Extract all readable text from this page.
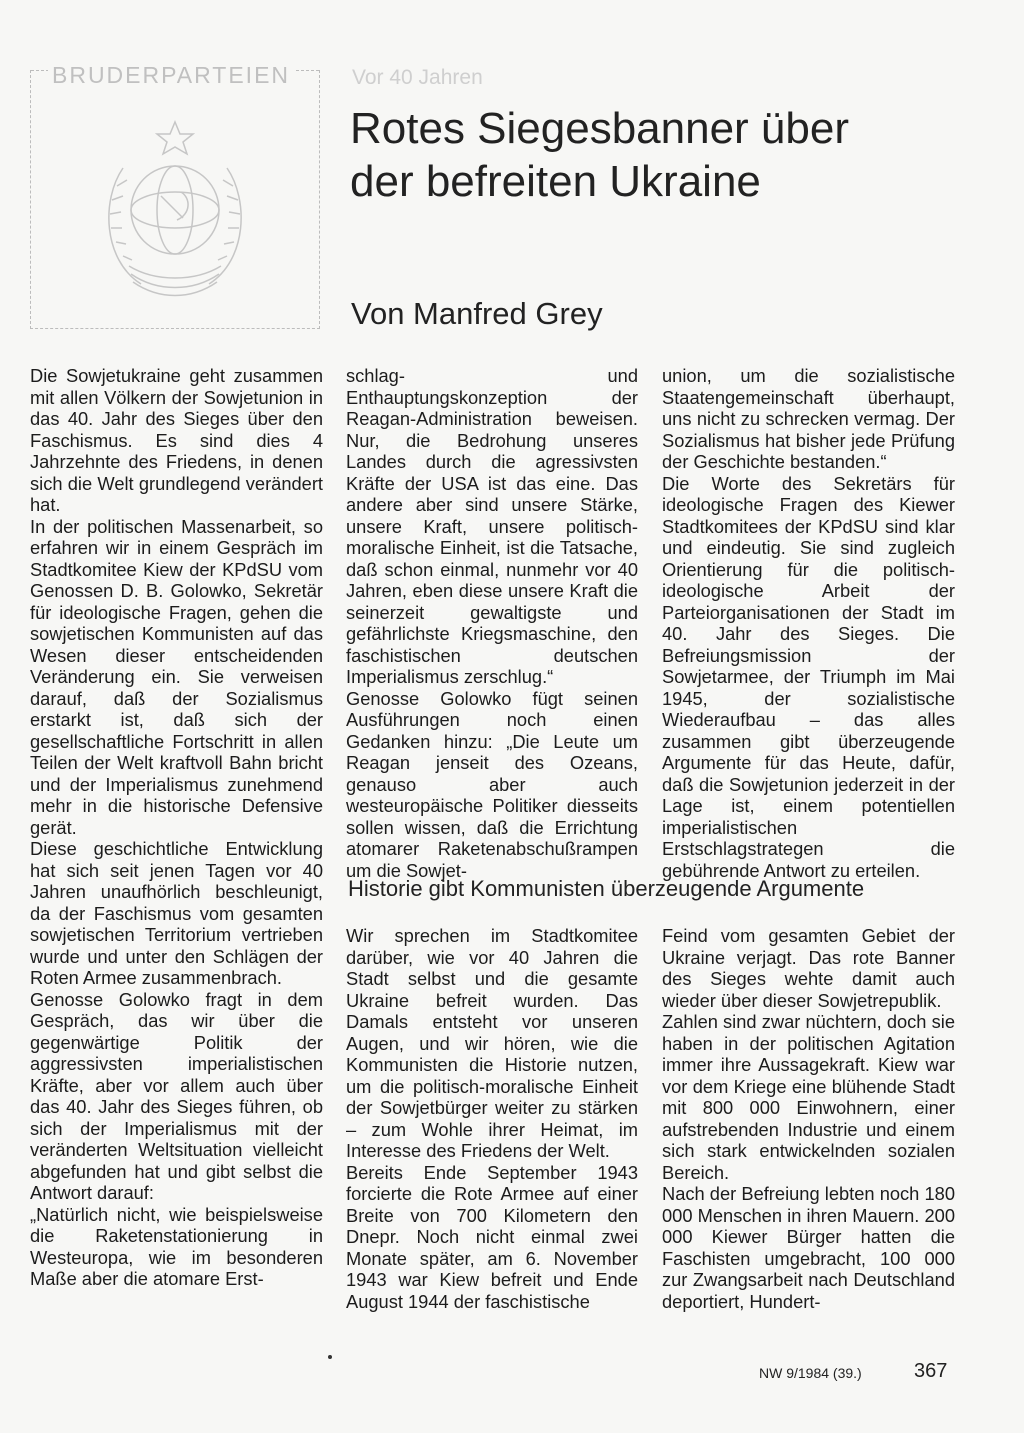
BRUDERPARTEIEN	Vor 40 Jahren
Rotes Siegesbanner über
der befreiten Ukraine
Von Manfred Grey

Die Sowjetukraine geht zusammen mit allen Völkern der Sowjetunion in das 40. Jahr des Sieges über den Faschismus. Es sind dies 4 Jahrzehnte des Friedens, in denen sich die Welt grundlegend verändert hat.

In der politischen Massenarbeit, so erfahren wir in einem Gespräch im Stadtkomitee Kiew der KPdSU vom Genossen D. B. Golowko, Sekretär für ideologische Fragen, gehen die sowjetischen Kommunisten auf das Wesen dieser entscheidenden Veränderung ein. Sie verweisen darauf, daß der Sozialismus erstarkt ist, daß sich der gesellschaftliche Fortschritt in allen Teilen der Welt kraftvoll Bahn bricht und der Imperialismus zunehmend mehr in die historische Defensive gerät.

Diese geschichtliche Entwicklung hat sich seit jenen Tagen vor 40 Jahren unaufhörlich beschleunigt, da der Faschismus vom gesamten sowjetischen Territorium vertrieben wurde und unter den Schlägen der Roten Armee zusammenbrach.

Genosse Golowko fragt in dem Gespräch, das wir über die gegenwärtige Politik der aggressivsten imperialistischen Kräfte, aber vor allem auch über das 40. Jahr des Sieges führen, ob sich der Imperialismus mit der veränderten Weltsituation vielleicht abgefunden hat und gibt selbst die Antwort darauf:

„Natürlich nicht, wie beispielsweise die Raketenstationierung in Westeuropa, wie im besonderen Maße aber die atomare Erst-

schlag- und Enthauptungskonzeption der Reagan-Administration beweisen. Nur, die Bedrohung unseres Landes durch die agressivsten Kräfte der USA ist das eine. Das andere aber sind unsere Stärke, unsere Kraft, unsere politisch-moralische Einheit, ist die Tatsache, daß schon einmal, nunmehr vor 40 Jahren, eben diese unsere Kraft die seinerzeit gewaltigste und gefährlichste Kriegsmaschine, den faschistischen deutschen Imperialismus zerschlug.“

Genosse Golowko fügt seinen Ausführungen noch einen Gedanken hinzu: „Die Leute um Reagan jenseit des Ozeans, genauso aber auch westeuropäische Politiker diesseits sollen wissen, daß die Errichtung atomarer Raketenabschußrampen um die Sowjet-

union, um die sozialistische Staatengemeinschaft überhaupt, uns nicht zu schrecken vermag. Der Sozialismus hat bisher jede Prüfung der Geschichte bestanden.“

Die Worte des Sekretärs für ideologische Fragen des Kiewer Stadtkomitees der KPdSU sind klar und eindeutig. Sie sind zugleich Orientierung für die politisch-ideologische Arbeit der Parteiorganisationen der Stadt im 40. Jahr des Sieges. Die Befreiungsmission der Sowjetarmee, der Triumph im Mai 1945, der sozialistische Wiederaufbau – das alles zusammen gibt überzeugende Argumente für das Heute, dafür, daß die Sowjetunion jederzeit in der Lage ist, einem potentiellen imperialistischen Erstschlagstrategen die gebührende Antwort zu erteilen.

Historie gibt Kommunisten überzeugende Argumente

Wir sprechen im Stadtkomitee darüber, wie vor 40 Jahren die Stadt selbst und die gesamte Ukraine befreit wurden. Das Damals entsteht vor unseren Augen, und wir hören, wie die Kommunisten die Historie nutzen, um die politisch-moralische Einheit der Sowjetbürger weiter zu stärken – zum Wohle ihrer Heimat, im Interesse des Friedens der Welt.

Bereits Ende September 1943 forcierte die Rote Armee auf einer Breite von 700 Kilometern den Dnepr. Noch nicht einmal zwei Monate später, am 6. November 1943 war Kiew befreit und Ende August 1944 der faschistische

Feind vom gesamten Gebiet der Ukraine verjagt. Das rote Banner des Sieges wehte damit auch wieder über dieser Sowjetrepublik.

Zahlen sind zwar nüchtern, doch sie haben in der politischen Agitation immer ihre Aussagekraft. Kiew war vor dem Kriege eine blühende Stadt mit 800 000 Einwohnern, einer aufstrebenden Industrie und einem sich stark entwickelnden sozialen Bereich.

Nach der Befreiung lebten noch 180 000 Menschen in ihren Mauern. 200 000 Kiewer Bürger hatten die Faschisten umgebracht, 100 000 zur Zwangsarbeit nach Deutschland deportiert, Hundert-

NW 9/1984 (39.)	367
